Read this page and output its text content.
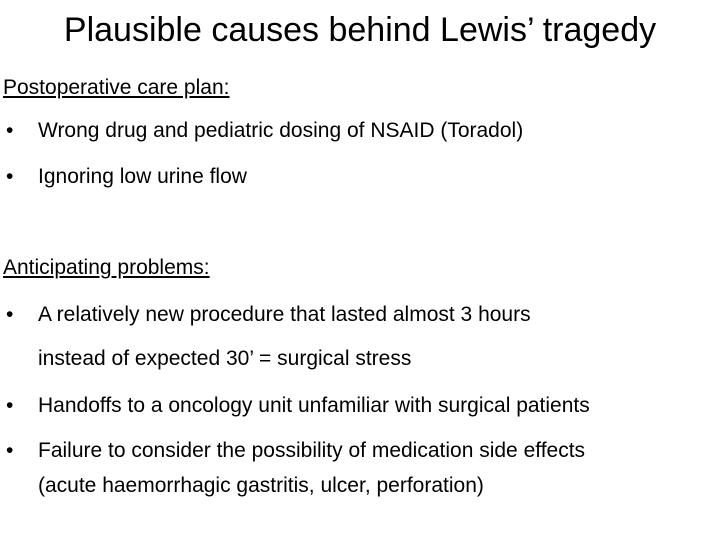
Plausible causes behind Lewis’ tragedy
Postoperative care plan:
•	Wrong drug and pediatric dosing of NSAID (Toradol)
•	Ignoring low urine flow
Anticipating problems:
•	A relatively new procedure that lasted almost 3 hours
instead of expected 30’ = surgical stress
•	Handoffs to a oncology unit unfamiliar with surgical patients
•	Failure to consider the possibility of medication side effects
(acute haemorrhagic gastritis, ulcer, perforation)
